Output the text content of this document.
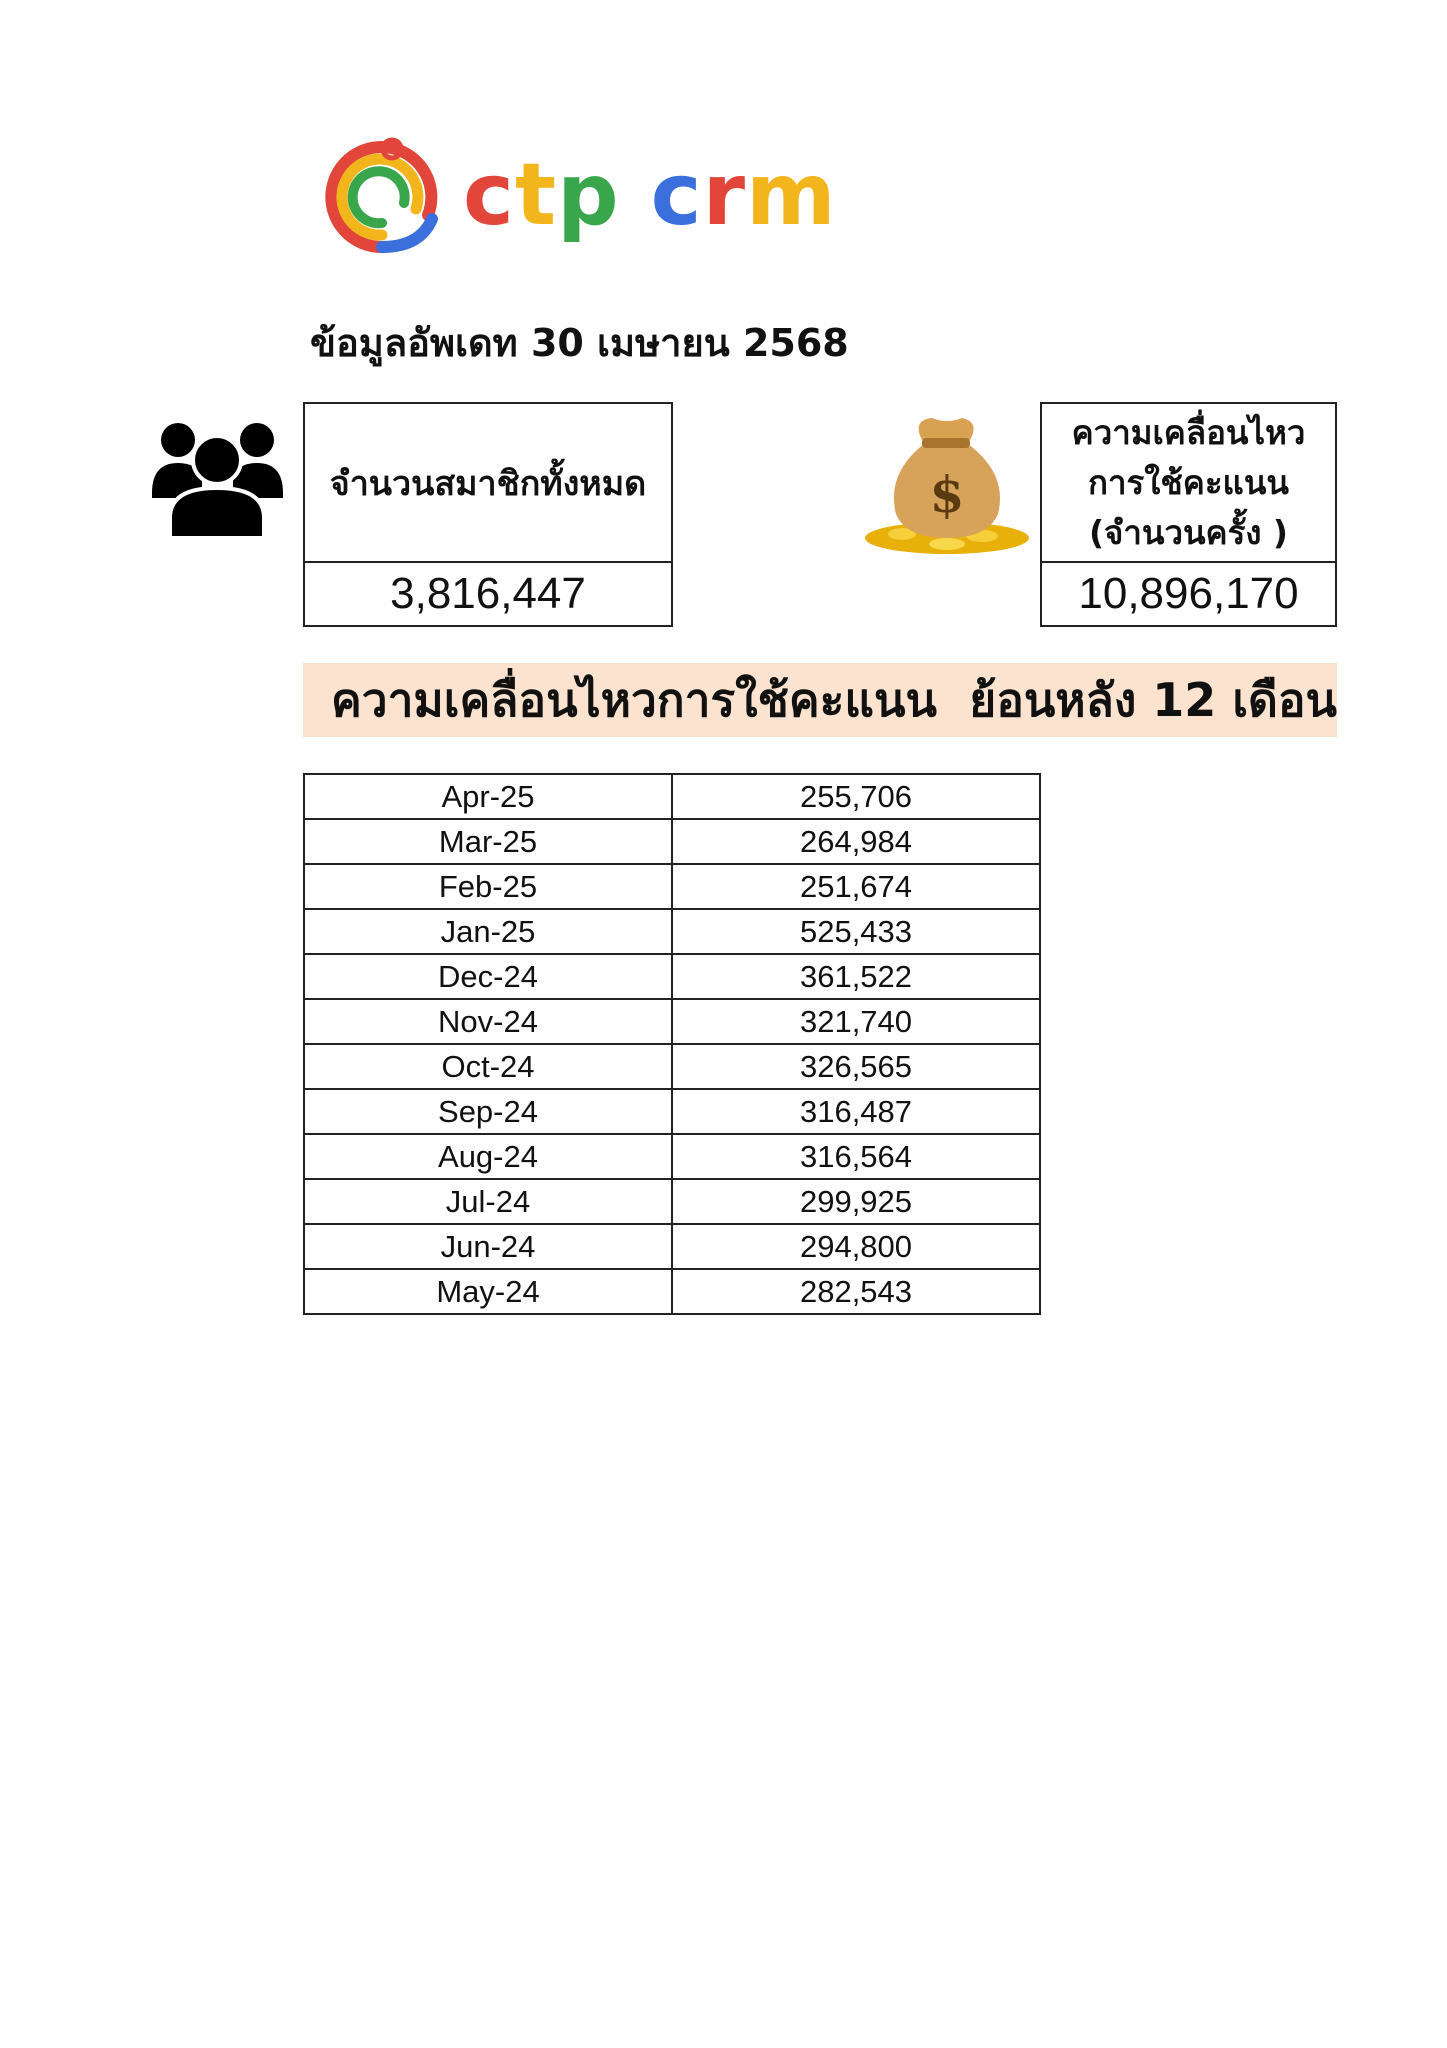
ctp crm
ข้อมูลอัพเดท 30 เมษายน 2568
$
จำนวนสมาชิกทั้งหมด
3,816,447
ความเคลื่อนไหว
การใช้คะแนน
(จำนวนครั้ง )
10,896,170
ความเคลื่อนไหวการใช้คะแนน ย้อนหลัง 12 เดือน
Apr-25	255,706
Mar-25	264,984
Feb-25	251,674
Jan-25	525,433
Dec-24	361,522
Nov-24	321,740
Oct-24	326,565
Sep-24	316,487
Aug-24	316,564
Jul-24	299,925
Jun-24	294,800
May-24	282,543
